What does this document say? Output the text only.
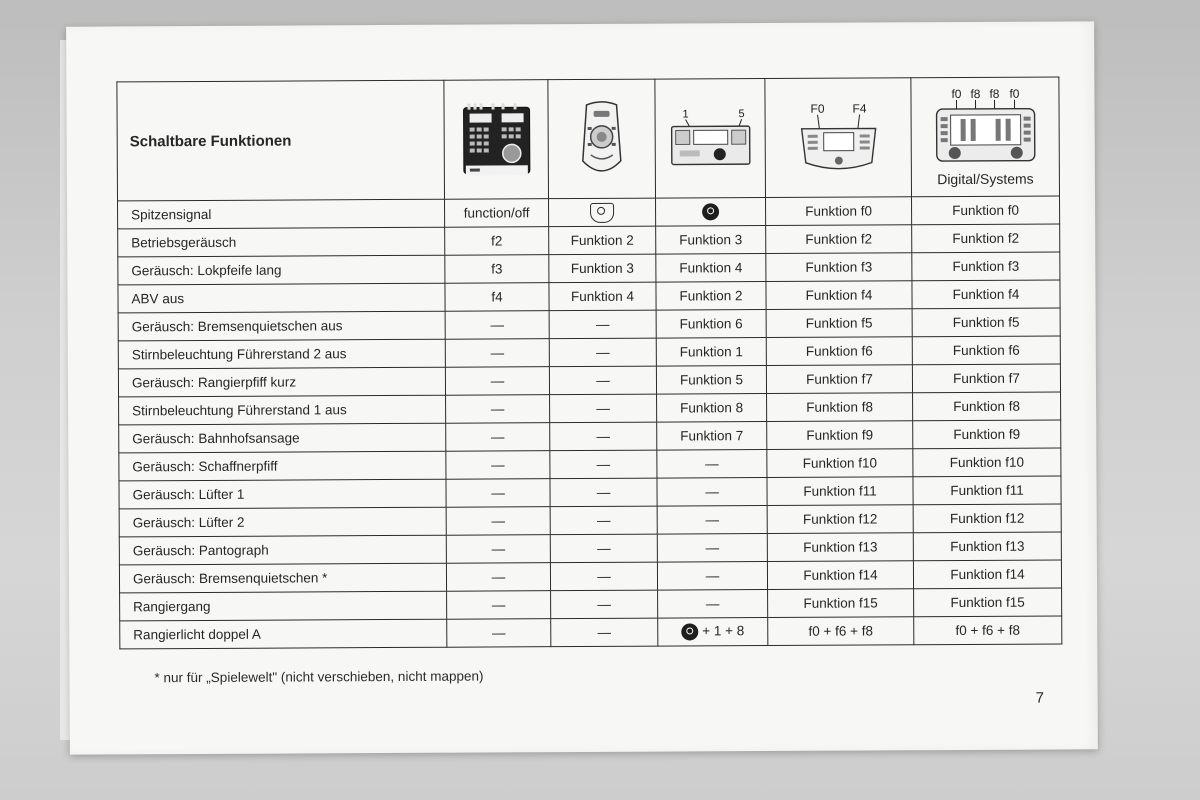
Schaltbare Funktionen			1 5	F0 F4	f0 f8 f8 f0
Digital/Systems

Spitzensignal	function/off			Funktion f0	Funktion f0
Betriebsgeräusch	f2	Funktion 2	Funktion 3	Funktion f2	Funktion f2
Geräusch: Lokpfeife lang	f3	Funktion 3	Funktion 4	Funktion f3	Funktion f3
ABV aus	f4	Funktion 4	Funktion 2	Funktion f4	Funktion f4
Geräusch: Bremsenquietschen aus	—	—	Funktion 6	Funktion f5	Funktion f5
Stirnbeleuchtung Führerstand 2 aus	—	—	Funktion 1	Funktion f6	Funktion f6
Geräusch: Rangierpfiff kurz	—	—	Funktion 5	Funktion f7	Funktion f7
Stirnbeleuchtung Führerstand 1 aus	—	—	Funktion 8	Funktion f8	Funktion f8
Geräusch: Bahnhofsansage	—	—	Funktion 7	Funktion f9	Funktion f9
Geräusch: Schaffnerpfiff	—	—	—	Funktion f10	Funktion f10
Geräusch: Lüfter 1	—	—	—	Funktion f11	Funktion f11
Geräusch: Lüfter 2	—	—	—	Funktion f12	Funktion f12
Geräusch: Pantograph	—	—	—	Funktion f13	Funktion f13
Geräusch: Bremsenquietschen *	—	—	—	Funktion f14	Funktion f14
Rangiergang	—	—	—	Funktion f15	Funktion f15
Rangierlicht doppel A	—	—	+ 1 + 8	f0 + f6 + f8	f0 + f6 + f8
* nur für „Spielewelt" (nicht verschieben, nicht mappen)
7
